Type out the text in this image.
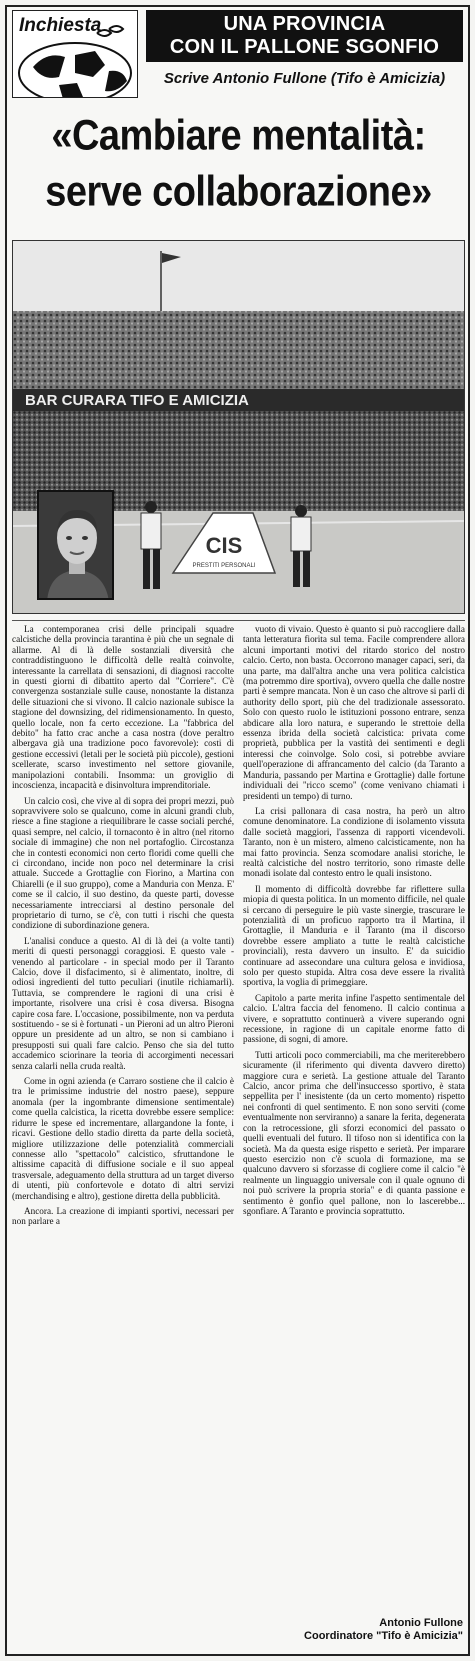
Inchiesta	UNA PROVINCIA
CON IL PALLONE SGONFIO
Scrive Antonio Fullone (Tifo è Amicizia)
«Cambiare mentalità:
serve collaborazione»
BAR CURARA TIFO E AMICIZIA
CIS
PRESTITI PERSONALI

La contemporanea crisi delle principali squadre calcistiche della provincia tarantina è più che un segnale di allarme. Al di là delle sostanziali diversità che contraddistinguono le difficoltà delle realtà coinvolte, interessante la carrellata di sensazioni, di diagnosi raccolte in questi giorni di dibattito aperto dal "Corriere". C'è convergenza sostanziale sulle cause, nonostante la distanza delle situazioni che si vivono. Il calcio nazionale subisce la stagione del downsizing, del ridimensionamento. In questo, quello locale, non fa certo eccezione. La "fabbrica del debito" ha fatto crac anche a casa nostra (dove peraltro albergava già una tradizione poco favorevole): costi di gestione eccessivi (letali per le società più piccole), gestioni scellerate, scarso investimento nel settore giovanile, manipolazioni contabili. Insomma: un groviglio di incoscienza, incapacità e disinvoltura imprenditoriale.

Un calcio così, che vive al di sopra dei propri mezzi, può sopravvivere solo se qualcuno, come in alcuni grandi club, riesce a fine stagione a riequilibrare le casse sociali perché, quasi sempre, nel calcio, il tornaconto è in altro (nel ritorno sociale di immagine) che non nel portafoglio. Circostanza che in contesti economici non certo floridi come quelli che ci circondano, incide non poco nel determinare la crisi attuale. Succede a Grottaglie con Fiorino, a Martina con Chiarelli (e il suo gruppo), come a Manduria con Menza. E' come se il calcio, il suo destino, da queste parti, dovesse necessariamente intrecciarsi al destino personale del proprietario di turno, se c'è, con tutti i rischi che questa condizione di subordinazione genera.

L'analisi conduce a questo. Al di là dei (a volte tanti) meriti di questi personaggi coraggiosi. E questo vale - venendo al particolare - in special modo per il Taranto Calcio, dove il disfacimento, si è alimentato, inoltre, di odiosi ingredienti del tutto peculiari (inutile richiamarli). Tuttavia, se comprendere le ragioni di una crisi è importante, risolvere una crisi è cosa diversa. Bisogna capire cosa fare. L'occasione, possibilmente, non va perduta sostituendo - se si è fortunati - un Pieroni ad un altro Pieroni oppure un presidente ad un altro, se non si cambiano i presupposti sui quali fare calcio. Penso che sia del tutto accademico sciorinare la teoria di accorgimenti necessari senza calarli nella cruda realtà.

Come in ogni azienda (e Carraro sostiene che il calcio è tra le primissime industrie del nostro paese), seppure anomala (per la ingombrante dimensione sentimentale) come quella calcistica, la ricetta dovrebbe essere semplice: ridurre le spese ed incrementare, allargandone la fonte, i ricavi. Gestione dello stadio diretta da parte della società, migliore utilizzazione delle potenzialità commerciali connesse allo "spettacolo" calcistico, sfruttandone le altissime capacità di diffusione sociale e il suo appeal trasversale, adeguamento della struttura ad un target diverso di utenti, più confortevole e dotato di altri servizi (merchandising e altro), gestione diretta della pubblicità.

Ancora. La creazione di impianti sportivi, necessari per non parlare a

vuoto di vivaio. Questo è quanto si può raccogliere dalla tanta letteratura fiorita sul tema. Facile comprendere allora alcuni importanti motivi del ritardo storico del nostro calcio. Certo, non basta. Occorrono manager capaci, seri, da una parte, ma dall'altra anche una vera politica calcistica (ma potremmo dire sportiva), ovvero quella che dalle nostre parti è sempre mancata. Non è un caso che altrove si parli di authority dello sport, più che del tradizionale assessorato. Solo con questo ruolo le istituzioni possono entrare, senza abdicare alla loro natura, e superando le strettoie della essenza ibrida della società calcistica: privata come proprietà, pubblica per la vastità dei sentimenti e degli interessi che coinvolge. Solo così, si potrebbe avviare quell'operazione di affrancamento del calcio (da Taranto a Manduria, passando per Martina e Grottaglie) dalle fortune individuali dei "ricco scemo" (come venivano chiamati i presidenti un tempo) di turno.

La crisi pallonara di casa nostra, ha però un altro comune denominatore. La condizione di isolamento vissuta dalle società maggiori, l'assenza di rapporti vicendevoli. Taranto, non è un mistero, almeno calcisticamente, non ha mai fatto provincia. Senza scomodare analisi storiche, le realtà calcistiche del nostro territorio, sono rimaste delle monadi isolate dal contesto entro le quali insistono.

Il momento di difficoltà dovrebbe far riflettere sulla miopia di questa politica. In un momento difficile, nel quale si cercano di perseguire le più vaste sinergie, trascurare le potenzialità di un proficuo rapporto tra il Martina, il Grottaglie, il Manduria e il Taranto (ma il discorso dovrebbe essere ampliato a tutte le realtà calcistiche provinciali), resta davvero un insulto. E' da suicidio continuare ad assecondare una cultura gelosa e invidiosa, solo per questo stupida. Altra cosa deve essere la rivalità sportiva, la voglia di primeggiare.

Capitolo a parte merita infine l'aspetto sentimentale del calcio. L'altra faccia del fenomeno. Il calcio continua a vivere, e soprattutto continuerà a vivere superando ogni recessione, in ragione di un capitale enorme fatto di passione, di sogni, di amore.

Tutti articoli poco commerciabili, ma che meriterebbero sicuramente (il riferimento qui diventa davvero diretto) maggiore cura e serietà. La gestione attuale del Taranto Calcio, ancor prima che dell'insuccesso sportivo, è stata seppellita per l' inesistente (da un certo momento) rispetto nei confronti di quel sentimento. E non sono serviti (come eventualmente non serviranno) a sanare la ferita, degenerata con la retrocessione, gli sforzi economici del passato o quelli eventuali del futuro. Il tifoso non si identifica con la società. Ma da questa esige rispetto e serietà. Per imparare questo esercizio non c'è scuola di formazione, ma se qualcuno davvero si sforzasse di cogliere come il calcio "è realmente un linguaggio universale con il quale ognuno di noi può scrivere la propria storia" e di quanta passione e sentimento è gonfio quel pallone, non lo lascerebbe... sgonfiare. A Taranto e provincia soprattutto.

Antonio Fullone
Coordinatore "Tifo è Amicizia"
